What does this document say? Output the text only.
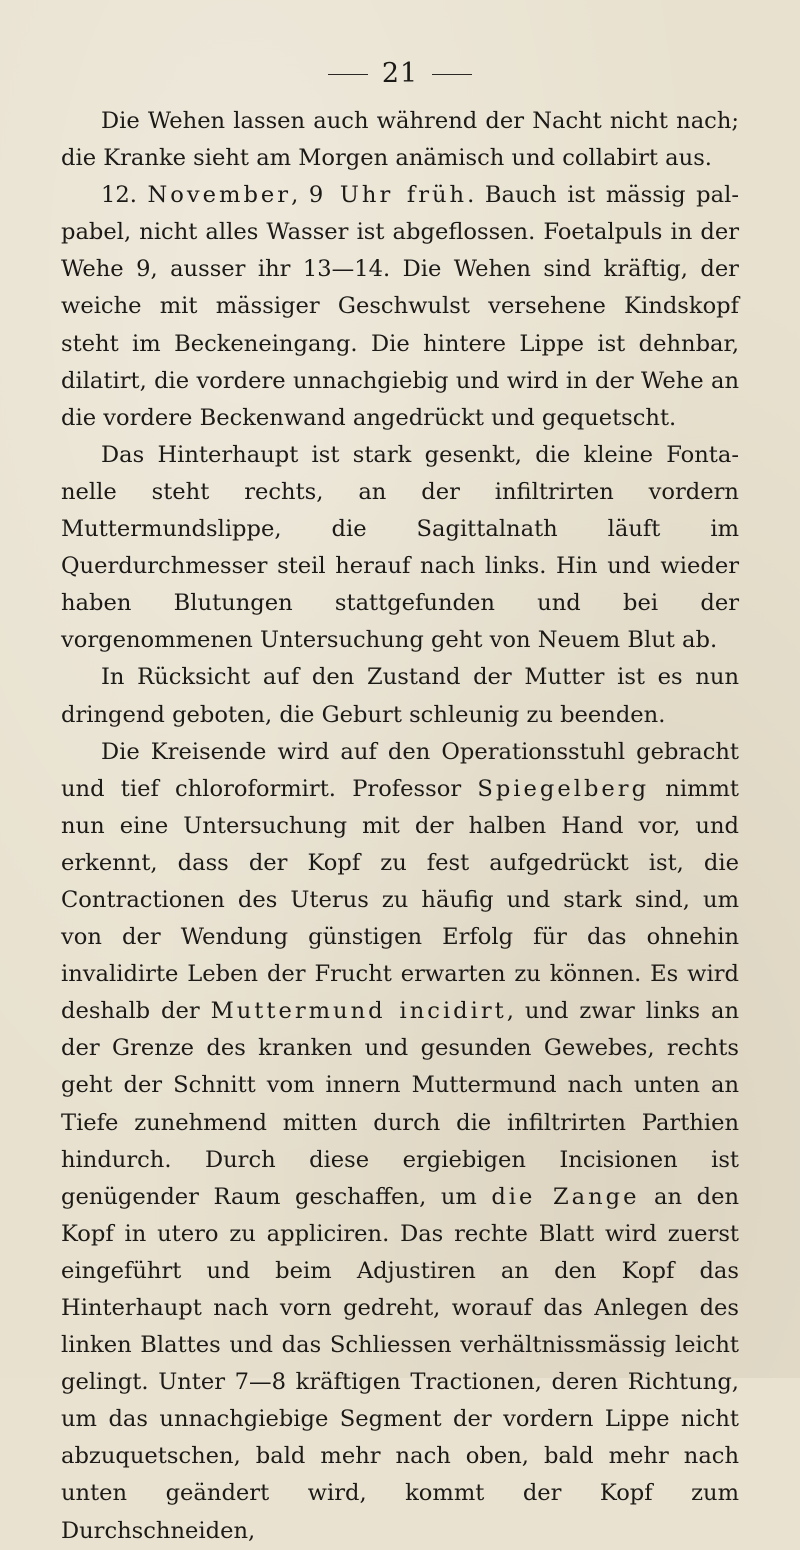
21

Die Wehen lassen auch während der Nacht nicht nach; die Kranke sieht am Morgen anämisch und collabirt aus.

12. November, 9 Uhr früh. Bauch ist mässig palpabel, nicht alles Wasser ist abgeflossen. Foetalpuls in der Wehe 9, ausser ihr 13—14. Die Wehen sind kräftig, der weiche mit mässiger Geschwulst versehene Kindskopf steht im Beckeneingang. Die hintere Lippe ist dehnbar, dilatirt, die vordere unnachgiebig und wird in der Wehe an die vordere Beckenwand angedrückt und gequetscht.

Das Hinterhaupt ist stark gesenkt, die kleine Fontanelle steht rechts, an der infiltrirten vordern Muttermundslippe, die Sagittalnath läuft im Querdurchmesser steil herauf nach links. Hin und wieder haben Blutungen stattgefunden und bei der vorgenommenen Untersuchung geht von Neuem Blut ab.

In Rücksicht auf den Zustand der Mutter ist es nun dringend geboten, die Geburt schleunig zu beenden.

Die Kreisende wird auf den Operationsstuhl gebracht und tief chloroformirt. Professor Spiegelberg nimmt nun eine Untersuchung mit der halben Hand vor, und erkennt, dass der Kopf zu fest aufgedrückt ist, die Contractionen des Uterus zu häufig und stark sind, um von der Wendung günstigen Erfolg für das ohnehin invalidirte Leben der Frucht erwarten zu können. Es wird deshalb der Muttermund incidirt, und zwar links an der Grenze des kranken und gesunden Gewebes, rechts geht der Schnitt vom innern Muttermund nach unten an Tiefe zunehmend mitten durch die infiltrirten Parthien hindurch. Durch diese ergiebigen Incisionen ist genügender Raum geschaffen, um die Zange an den Kopf in utero zu appliciren. Das rechte Blatt wird zuerst eingeführt und beim Adjustiren an den Kopf das Hinterhaupt nach vorn gedreht, worauf das Anlegen des linken Blattes und das Schliessen verhältnissmässig leicht gelingt. Unter 7—8 kräftigen Tractionen, deren Richtung, um das unnachgiebige Segment der vordern Lippe nicht abzuquetschen, bald mehr nach oben, bald mehr nach unten geändert wird, kommt der Kopf zum Durchschneiden,
